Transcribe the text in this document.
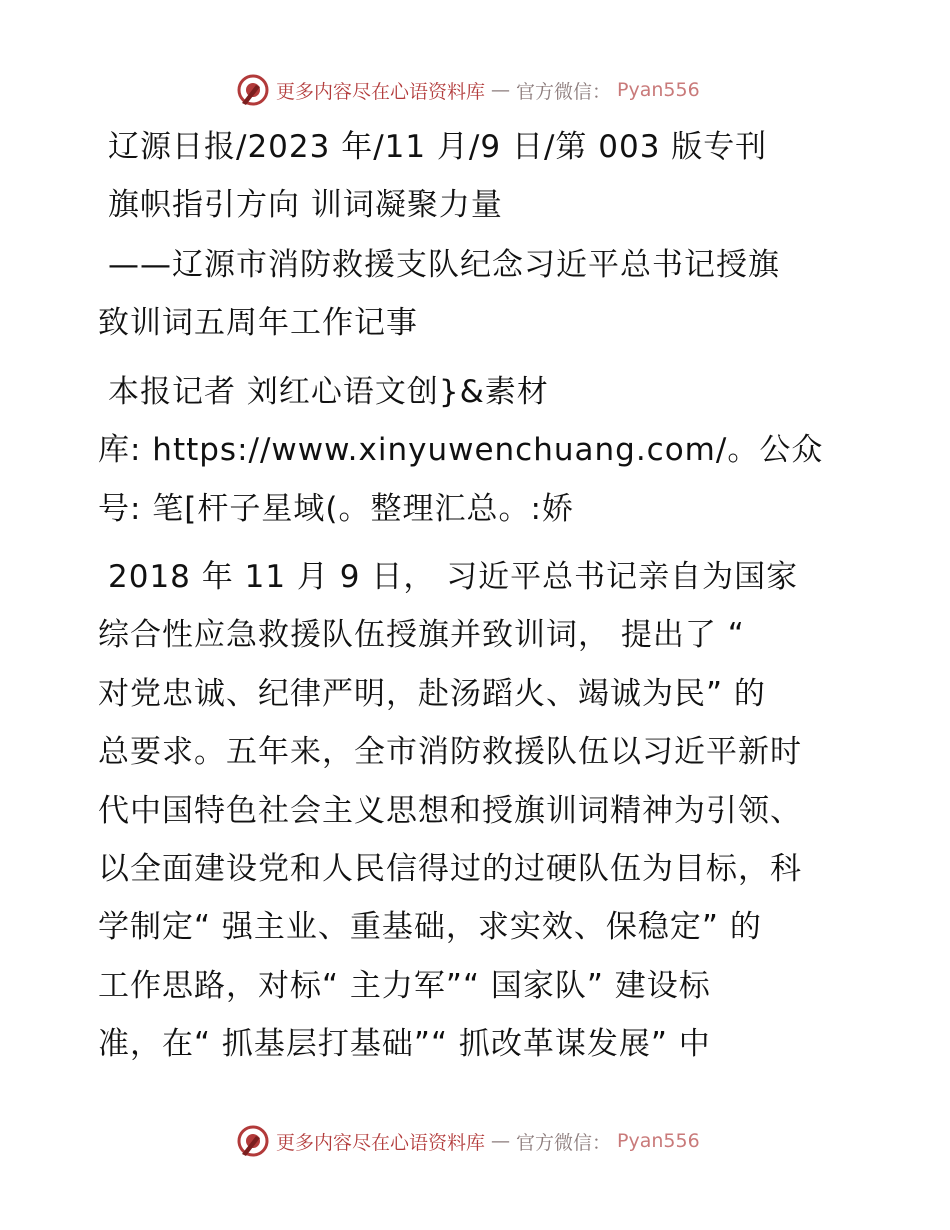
更多内容尽在心语资料库 — 官方微信： Pyan556
辽源日报/2023 年/11 月/9 日/第 003 版专刊
旗帜指引方向 训词凝聚力量
——辽源市消防救援支队纪念习近平总书记授旗
致训词五周年工作记事
本报记者 刘红心语文创}&素材
库: https://www.xinyuwenchuang.com/。公众
号: 笔[杆子星域(。整理汇总。:娇
2018 年 11 月 9 日， 习近平总书记亲自为国家
综合性应急救援队伍授旗并致训词， 提出了 “
对党忠诚、纪律严明，赴汤蹈火、竭诚为民” 的
总要求。五年来，全市消防救援队伍以习近平新时
代中国特色社会主义思想和授旗训词精神为引领、
以全面建设党和人民信得过的过硬队伍为目标，科
学制定“ 强主业、重基础，求实效、保稳定” 的
工作思路，对标“ 主力军”“ 国家队” 建设标
准，在“ 抓基层打基础”“ 抓改革谋发展” 中
更多内容尽在心语资料库 — 官方微信： Pyan556
